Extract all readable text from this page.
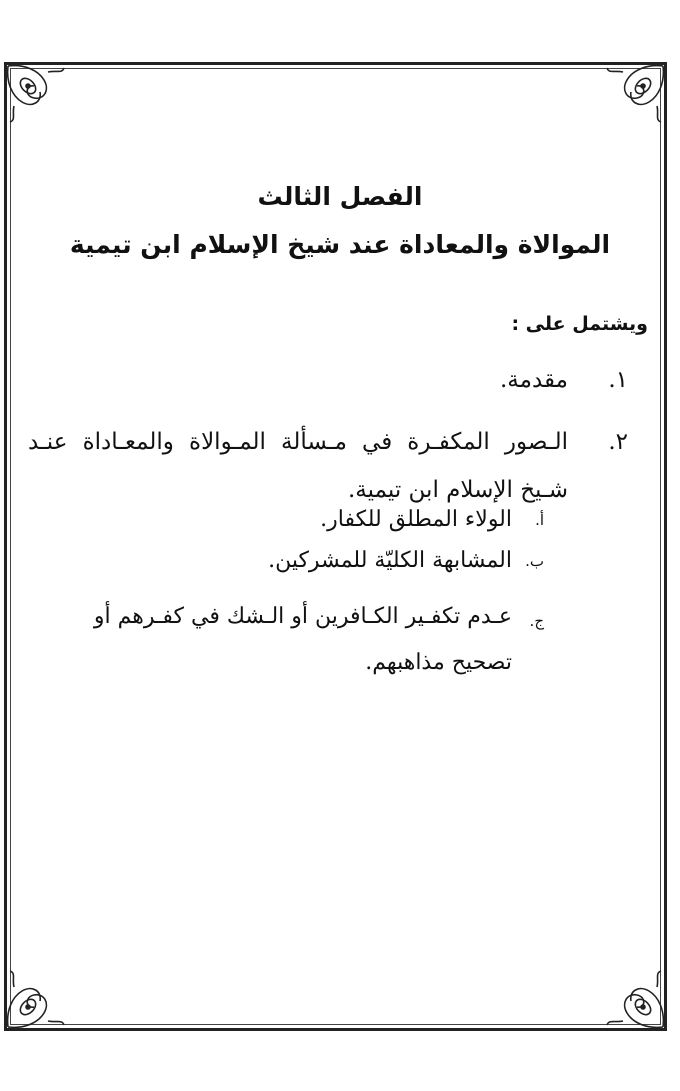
الفصل الثالث
الموالاة والمعاداة عند شيخ الإسلام ابن تيمية
ويشتمل على :
١.
مقدمة.
٢.
الـصور المكفـرة في مـسألة المـوالاة والمعـاداة عنـد شـيخ الإسلام ابن تيمية.
أ.
الولاء المطلق للكفار.
ب.
المشابهة الكليّة للمشركين.
ج.
عـدم تكفـير الكـافرين أو الـشك في كفـرهم أو تصحيح مذاهبهم.
